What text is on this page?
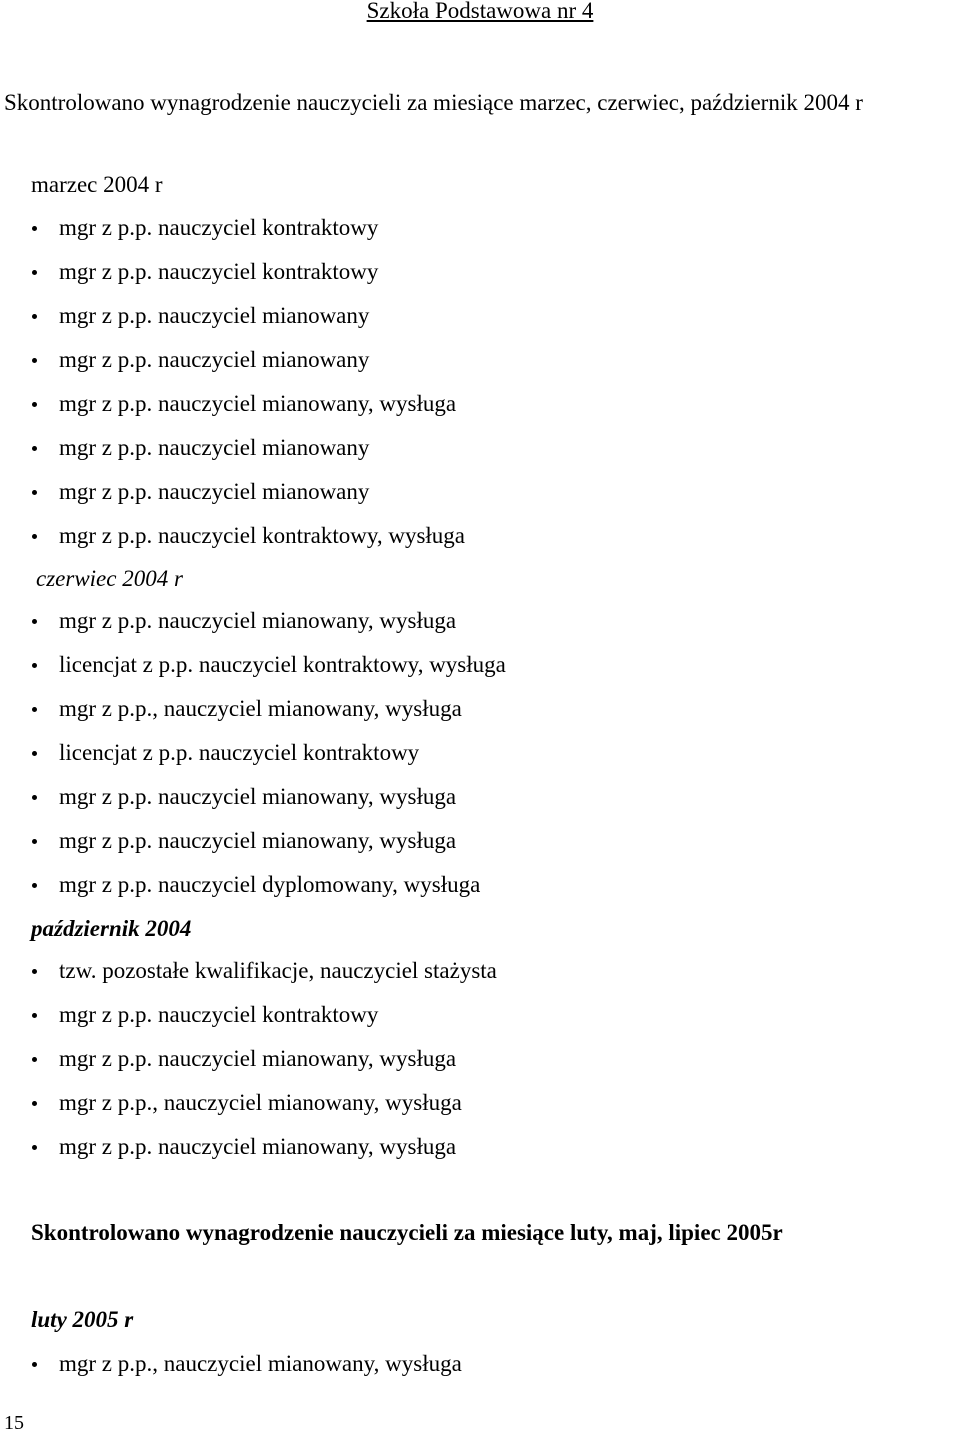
Szkoła Podstawowa nr 4

Skontrolowano wynagrodzenie nauczycieli za miesiące marzec, czerwiec, październik 2004 r

marzec 2004 r

mgr z p.p. nauczyciel kontraktowy
mgr z p.p. nauczyciel kontraktowy
mgr z p.p. nauczyciel mianowany
mgr z p.p. nauczyciel mianowany
mgr z p.p. nauczyciel mianowany, wysługa
mgr z p.p. nauczyciel mianowany
mgr z p.p. nauczyciel mianowany
mgr z p.p. nauczyciel kontraktowy, wysługa

czerwiec 2004 r

mgr z p.p. nauczyciel mianowany, wysługa
licencjat z p.p. nauczyciel kontraktowy, wysługa
mgr z p.p., nauczyciel mianowany, wysługa
licencjat z p.p. nauczyciel kontraktowy
mgr z p.p. nauczyciel mianowany, wysługa
mgr z p.p. nauczyciel mianowany, wysługa
mgr z p.p. nauczyciel dyplomowany, wysługa

październik 2004

tzw. pozostałe kwalifikacje, nauczyciel stażysta
mgr z p.p. nauczyciel kontraktowy
mgr z p.p. nauczyciel mianowany, wysługa
mgr z p.p., nauczyciel mianowany, wysługa
mgr z p.p. nauczyciel mianowany, wysługa

Skontrolowano wynagrodzenie nauczycieli za miesiące luty, maj, lipiec 2005r

luty 2005 r

mgr z p.p., nauczyciel mianowany, wysługa
15
